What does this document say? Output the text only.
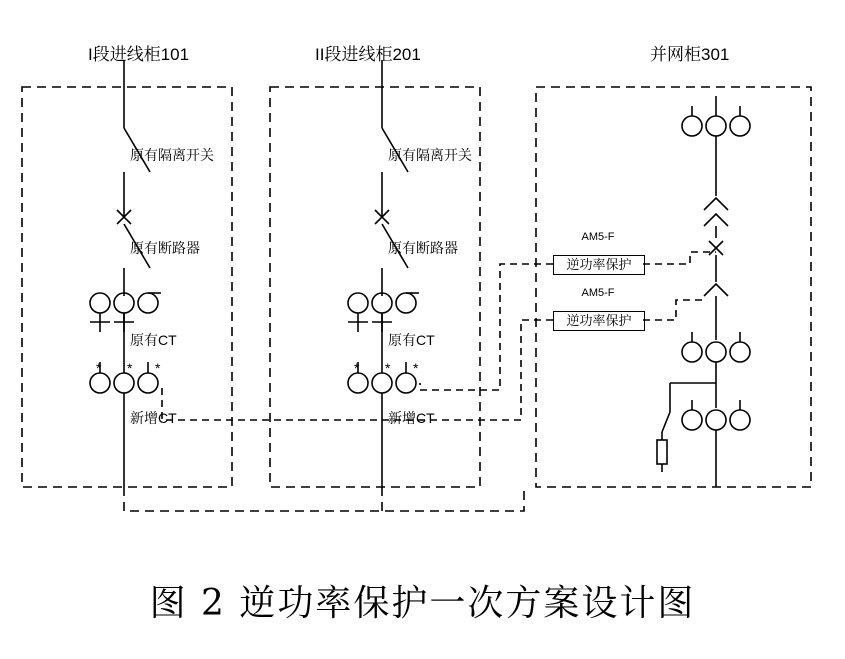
I段进线柜101	II段进线柜201	并网柜301
原有隔离开关
原有断路器
原有CT
新增CT
原有隔离开关
原有断路器
原有CT
新增CT
AM5-F
逆功率保护
AM5-F
逆功率保护
* * *	* * *
图 2 逆功率保护一次方案设计图
